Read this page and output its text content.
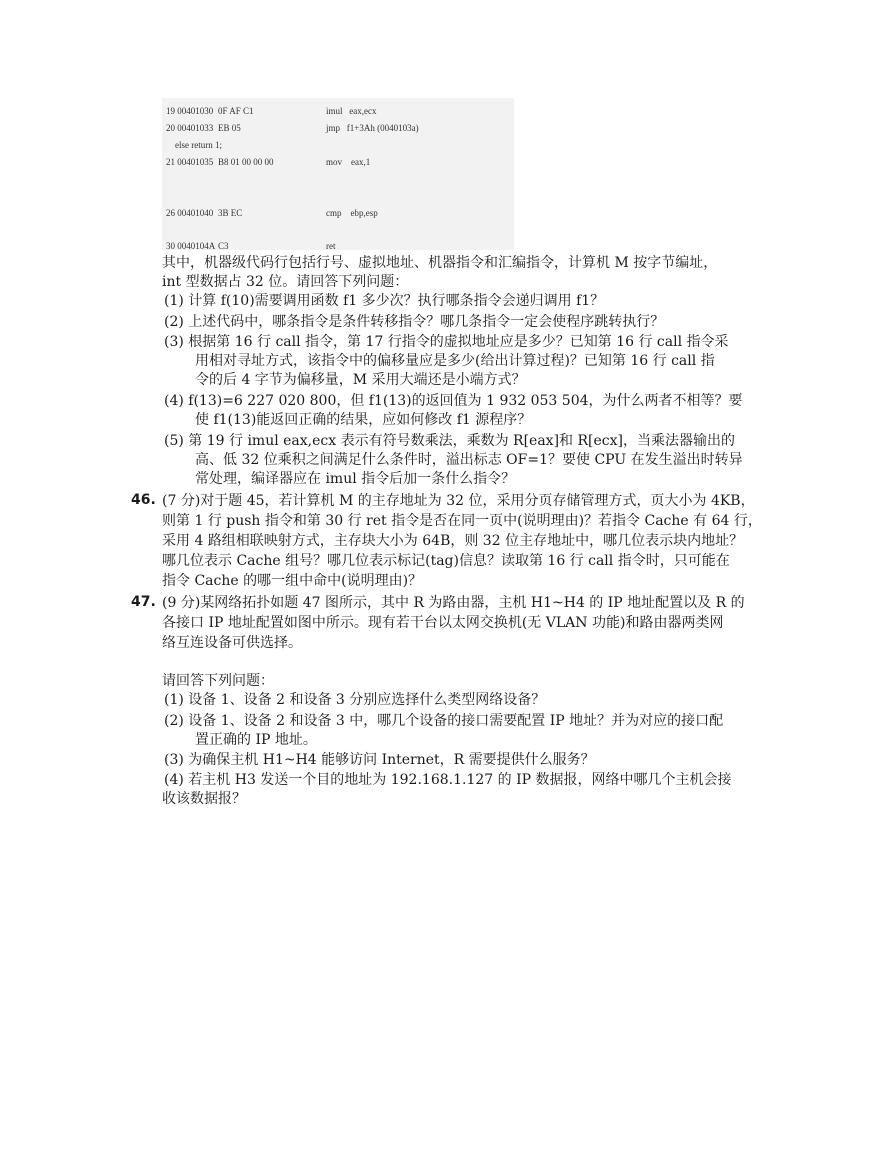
19 00401030 0F AF C1	imul   eax,ecx
20 00401033 EB 05	jmp   f1+3Ah (0040103a)
else return 1;
21 00401035 B8 01 00 00 00	mov    eax,1
26 00401040 3B EC	cmp    ebp,esp
30 0040104A C3	ret
其中，机器级代码行包括行号、虚拟地址、机器指令和汇编指令，计算机 M 按字节编址，
int 型数据占 32 位。请回答下列问题：
(1) 计算 f(10)需要调用函数 f1 多少次？执行哪条指令会递归调用 f1？
(2) 上述代码中，哪条指令是条件转移指令？哪几条指令一定会使程序跳转执行？
(3) 根据第 16 行 call 指令，第 17 行指令的虚拟地址应是多少？已知第 16 行 call 指令采
用相对寻址方式，该指令中的偏移量应是多少(给出计算过程)？已知第 16 行 call 指
令的后 4 字节为偏移量，M 采用大端还是小端方式？
(4) f(13)=6 227 020 800，但 f1(13)的返回值为 1 932 053 504，为什么两者不相等？要
使 f1(13)能返回正确的结果，应如何修改 f1 源程序？
(5) 第 19 行 imul eax,ecx 表示有符号数乘法，乘数为 R[eax]和 R[ecx]，当乘法器输出的
高、低 32 位乘积之间满足什么条件时，溢出标志 OF=1？要使 CPU 在发生溢出时转异
常处理，编译器应在 imul 指令后加一条什么指令？
46. (7 分)对于题 45，若计算机 M 的主存地址为 32 位，采用分页存储管理方式，页大小为 4KB，
则第 1 行 push 指令和第 30 行 ret 指令是否在同一页中(说明理由)？若指令 Cache 有 64 行，
采用 4 路组相联映射方式，主存块大小为 64B，则 32 位主存地址中，哪几位表示块内地址？
哪几位表示 Cache 组号？哪几位表示标记(tag)信息？读取第 16 行 call 指令时，只可能在
指令 Cache 的哪一组中命中(说明理由)？
47. (9 分)某网络拓扑如题 47 图所示，其中 R 为路由器，主机 H1~H4 的 IP 地址配置以及 R 的
各接口 IP 地址配置如图中所示。现有若干台以太网交换机(无 VLAN 功能)和路由器两类网
络互连设备可供选择。
请回答下列问题：
(1) 设备 1、设备 2 和设备 3 分别应选择什么类型网络设备？
(2) 设备 1、设备 2 和设备 3 中，哪几个设备的接口需要配置 IP 地址？并为对应的接口配
置正确的 IP 地址。
(3) 为确保主机 H1~H4 能够访问 Internet，R 需要提供什么服务？
(4) 若主机 H3 发送一个目的地址为 192.168.1.127 的 IP 数据报，网络中哪几个主机会接
收该数据报？
